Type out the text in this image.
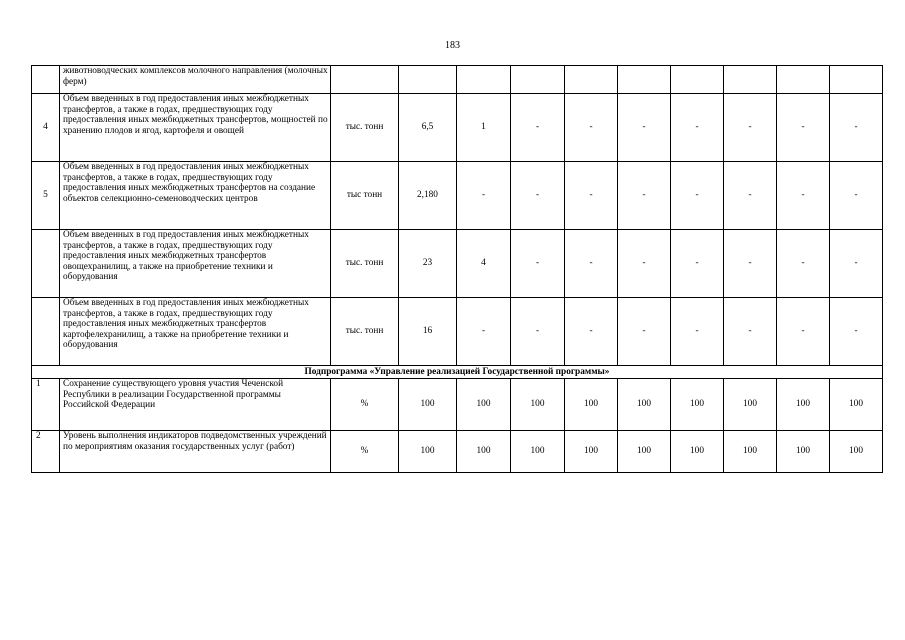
183
	животноводческих комплексов молочного направления (молочных ферм)										
4	Объем введенных в год предоставления иных межбюджетных трансфертов, а также в годах, предшествующих году предоставления иных межбюджетных трансфертов, мощностей по хранению плодов и ягод, картофеля и овощей	тыс. тонн	6,5	1	-	-	-	-	-	-	-
5	Объем введенных в год предоставления иных межбюджетных трансфертов, а также в годах, предшествующих году предоставления иных межбюджетных трансфертов на создание объектов селекционно-семеноводческих центров	тыс тонн	2,180	-	-	-	-	-	-	-	-
	Объем введенных в год предоставления иных межбюджетных трансфертов, а также в годах, предшествующих году предоставления иных межбюджетных трансфертов овощехранилищ, а также на приобретение техники и оборудования	тыс. тонн	23	4	-	-	-	-	-	-	-
	Объем введенных в год предоставления иных межбюджетных трансфертов, а также в годах, предшествующих году предоставления иных межбюджетных трансфертов картофелехранилищ, а также на приобретение техники и оборудования	тыс. тонн	16	-	-	-	-	-	-	-	-
Подпрограмма «Управление реализацией Государственной программы»											
1	Сохранение существующего уровня участия Чеченской Республики в реализации Государственной программы Российской Федерации	%	100	100	100	100	100	100	100	100	100
2	Уровень выполнения индикаторов подведомственных учреждений по мероприятиям оказания государственных услуг (работ)	%	100	100	100	100	100	100	100	100	100
